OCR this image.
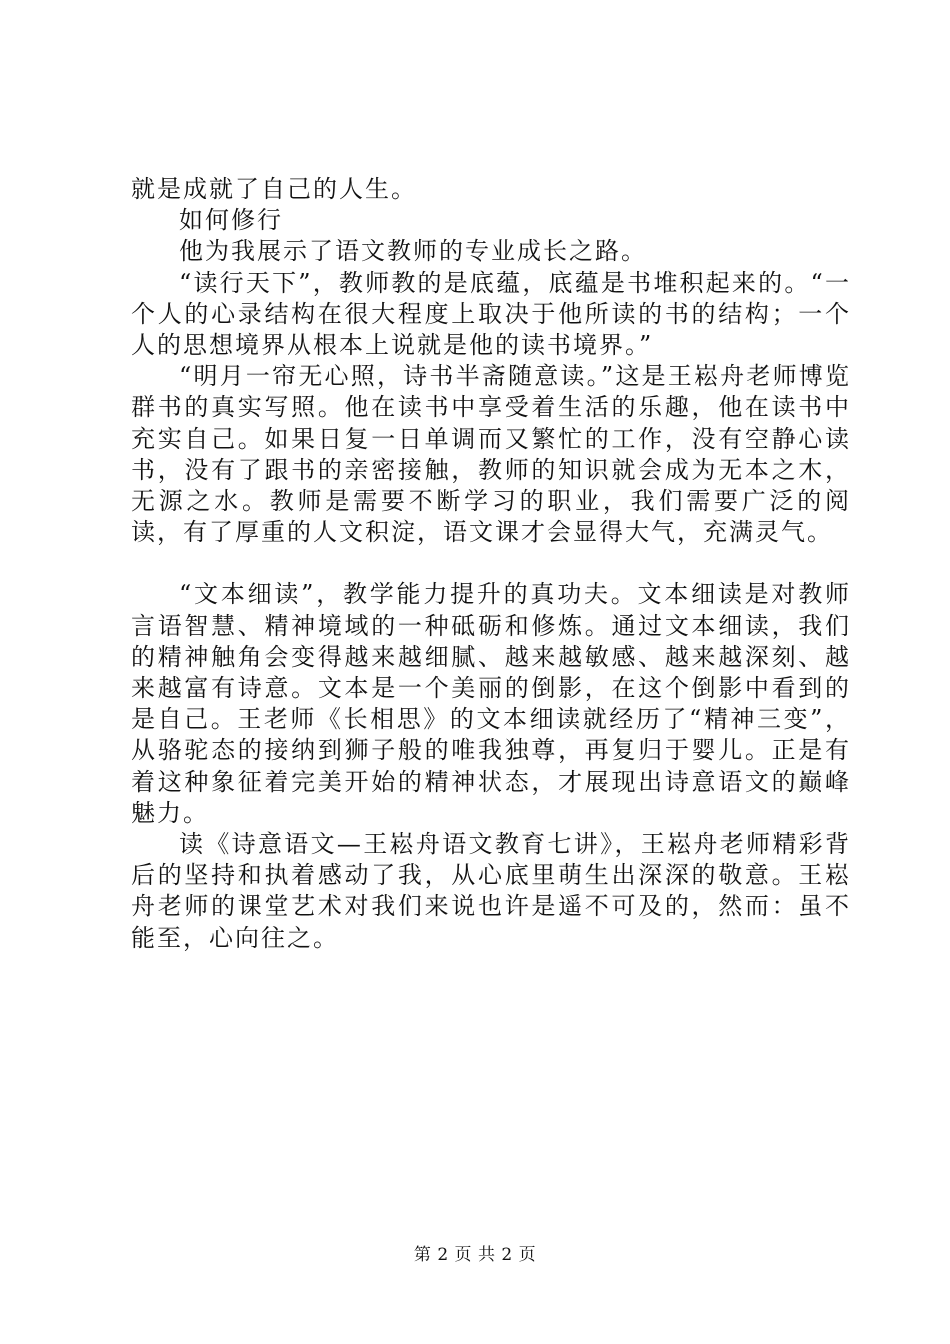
就是成就了自己的人生。

如何修行

他为我展示了语文教师的专业成长之路。

“读行天下”，教师教的是底蕴，底蕴是书堆积起来的。“一个人的心录结构在很大程度上取决于他所读的书的结构；一个人的思想境界从根本上说就是他的读书境界。”

“明月一帘无心照，诗书半斋随意读。”这是王崧舟老师博览群书的真实写照。他在读书中享受着生活的乐趣，他在读书中充实自己。如果日复一日单调而又繁忙的工作，没有空静心读书，没有了跟书的亲密接触，教师的知识就会成为无本之木，无源之水。教师是需要不断学习的职业，我们需要广泛的阅读，有了厚重的人文积淀，语文课才会显得大气，充满灵气。

“文本细读”，教学能力提升的真功夫。文本细读是对教师言语智慧、精神境域的一种砥砺和修炼。通过文本细读，我们的精神触角会变得越来越细腻、越来越敏感、越来越深刻、越来越富有诗意。文本是一个美丽的倒影，在这个倒影中看到的是自己。王老师《长相思》的文本细读就经历了“精神三变”，从骆驼态的接纳到狮子般的唯我独尊，再复归于婴儿。正是有着这种象征着完美开始的精神状态，才展现出诗意语文的巅峰魅力。

读《诗意语文—王崧舟语文教育七讲》，王崧舟老师精彩背后的坚持和执着感动了我，从心底里萌生出深深的敬意。王崧舟老师的课堂艺术对我们来说也许是遥不可及的，然而：虽不能至，心向往之。

第 2 页 共 2 页
